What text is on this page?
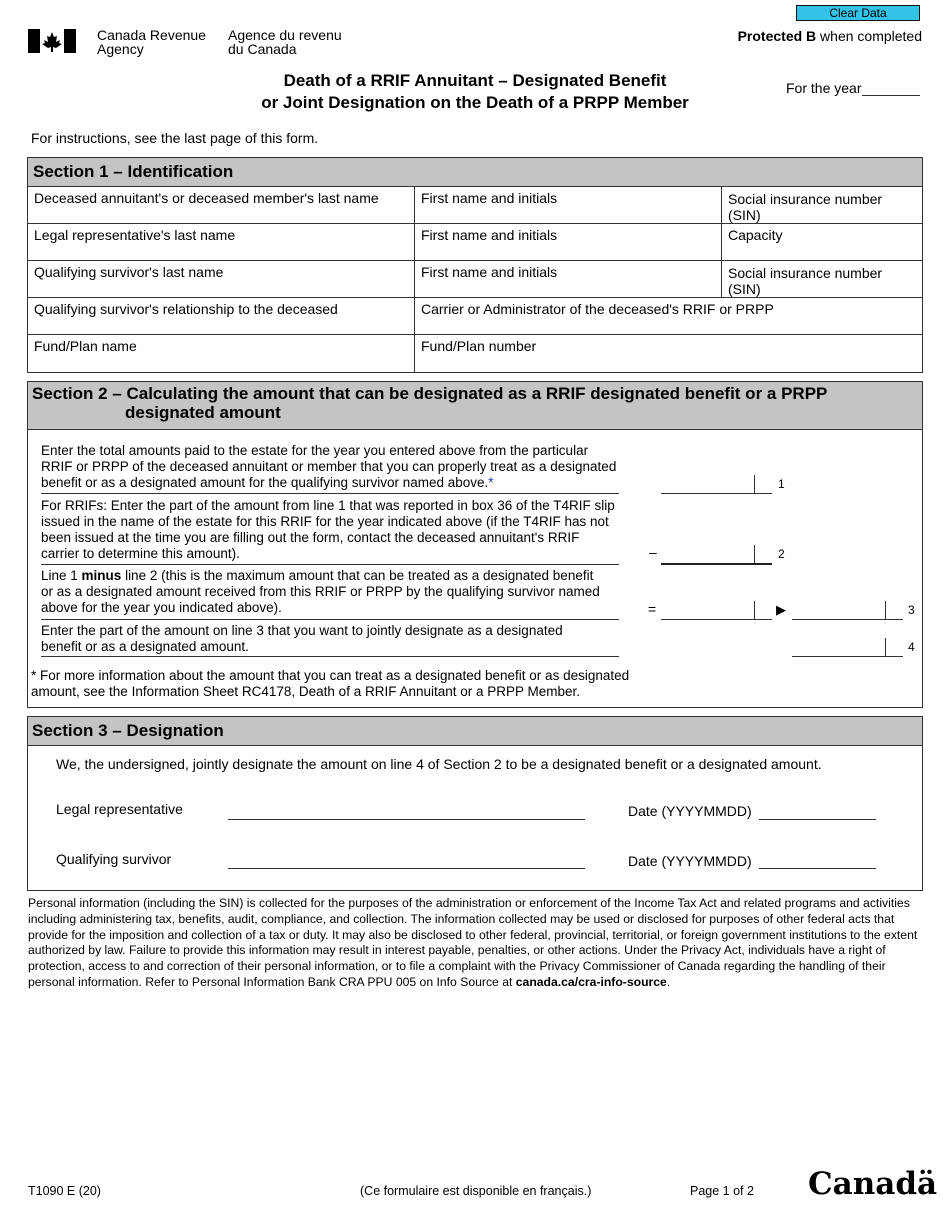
Clear Data
Protected B when completed
Canada Revenue
Agency
Agence du revenu
du Canada
Death of a RRIF Annuitant – Designated Benefit
or Joint Designation on the Death of a PRPP Member
For the year
For instructions, see the last page of this form.
Section 1 – Identification
Deceased annuitant's or deceased member's last name	First name and initials	Social insurance number (SIN)
Legal representative's last name	First name and initials	Capacity
Qualifying survivor's last name	First name and initials	Social insurance number (SIN)
Qualifying survivor's relationship to the deceased	Carrier or Administrator of the deceased's RRIF or PRPP
Fund/Plan name	Fund/Plan number
Section 2 – Calculating the amount that can be designated as a RRIF designated benefit or a PRPP
designated amount
Enter the total amounts paid to the estate for the year you entered above from the particular RRIF or PRPP of the deceased annuitant or member that you can properly treat as a designated benefit or as a designated amount for the qualifying survivor named above.*	1
For RRIFs: Enter the part of the amount from line 1 that was reported in box 36 of the T4RIF slip issued in the name of the estate for this RRIF for the year indicated above (if the T4RIF has not been issued at the time you are filling out the form, contact the deceased annuitant's RRIF carrier to determine this amount).	–	2
Line 1 minus line 2 (this is the maximum amount that can be treated as a designated benefit or as a designated amount received from this RRIF or PRPP by the qualifying survivor named above for the year you indicated above).	=	▶	3
Enter the part of the amount on line 3 that you want to jointly designate as a designated benefit or as a designated amount.	4
* For more information about the amount that you can treat as a designated benefit or as designated amount, see the Information Sheet RC4178, Death of a RRIF Annuitant or a PRPP Member.
Section 3 – Designation
We, the undersigned, jointly designate the amount on line 4 of Section 2 to be a designated benefit or a designated amount.
Legal representative	Date (YYYYMMDD)
Qualifying survivor	Date (YYYYMMDD)
Personal information (including the SIN) is collected for the purposes of the administration or enforcement of the Income Tax Act and related programs and activities including administering tax, benefits, audit, compliance, and collection. The information collected may be used or disclosed for purposes of other federal acts that provide for the imposition and collection of a tax or duty. It may also be disclosed to other federal, provincial, territorial, or foreign government institutions to the extent authorized by law. Failure to provide this information may result in interest payable, penalties, or other actions. Under the Privacy Act, individuals have a right of protection, access to and correction of their personal information, or to file a complaint with the Privacy Commissioner of Canada regarding the handling of their personal information. Refer to Personal Information Bank CRA PPU 005 on Info Source at canada.ca/cra-info-source.
T1090 E (20)	(Ce formulaire est disponible en français.)	Page 1 of 2 Canadä
